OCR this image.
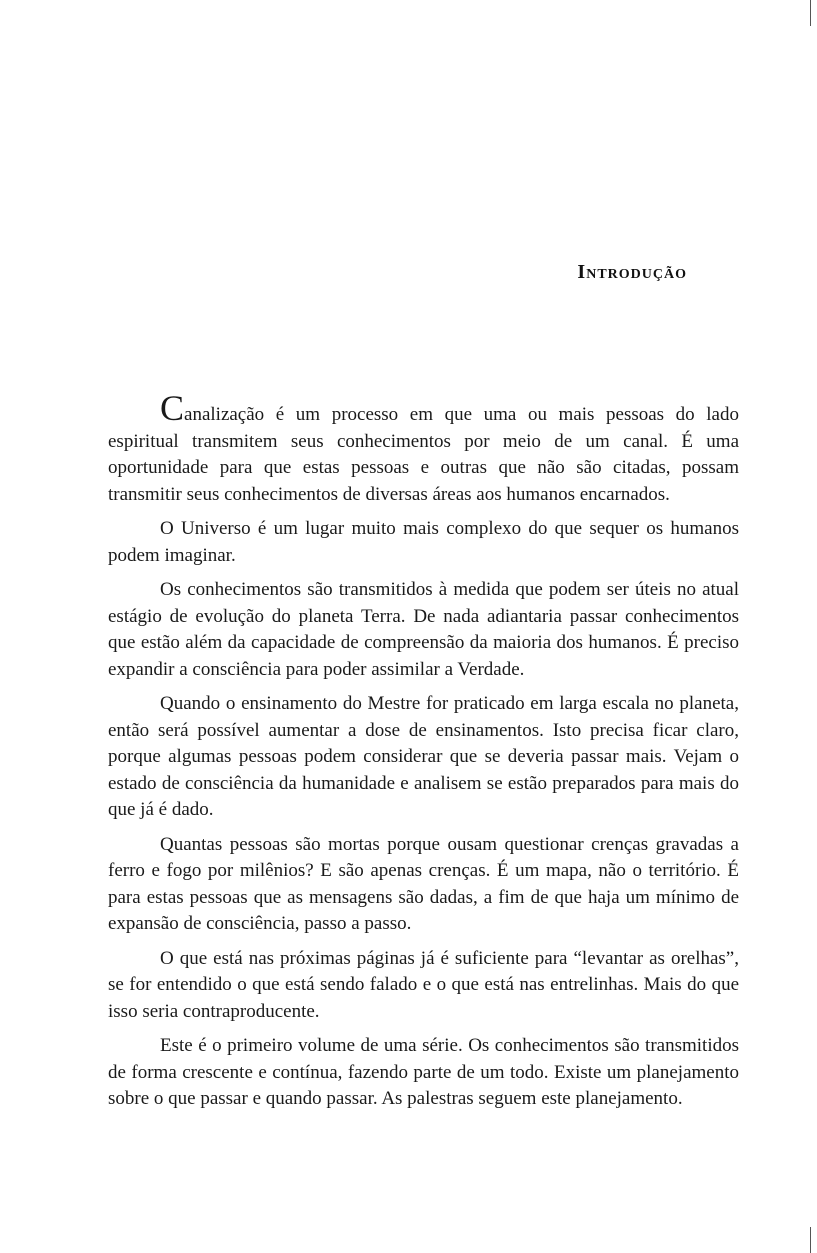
INTRODUÇÃO

Canalização é um processo em que uma ou mais pessoas do lado espiritual transmitem seus conhecimentos por meio de um canal. É uma oportunidade para que estas pessoas e outras que não são citadas, possam transmitir seus conhecimentos de diversas áreas aos humanos encarnados.

O Universo é um lugar muito mais complexo do que sequer os humanos podem imaginar.

Os conhecimentos são transmitidos à medida que podem ser úteis no atual estágio de evolução do planeta Terra. De nada adiantaria passar conhecimentos que estão além da capacidade de compreensão da maioria dos humanos. É preciso expandir a consciência para poder assimilar a Verdade.

Quando o ensinamento do Mestre for praticado em larga escala no planeta, então será possível aumentar a dose de ensinamentos. Isto precisa ficar claro, porque algumas pessoas podem considerar que se deveria passar mais. Vejam o estado de consciência da humanidade e analisem se estão preparados para mais do que já é dado.

Quantas pessoas são mortas porque ousam questionar crenças gravadas a ferro e fogo por milênios? E são apenas crenças. É um mapa, não o território. É para estas pessoas que as mensagens são dadas, a fim de que haja um mínimo de expansão de consciência, passo a passo.

O que está nas próximas páginas já é suficiente para “levantar as orelhas”, se for entendido o que está sendo falado e o que está nas entrelinhas. Mais do que isso seria contraproducente.

Este é o primeiro volume de uma série. Os conhecimentos são transmitidos de forma crescente e contínua, fazendo parte de um todo. Existe um planejamento sobre o que passar e quando passar. As palestras seguem este planejamento.
